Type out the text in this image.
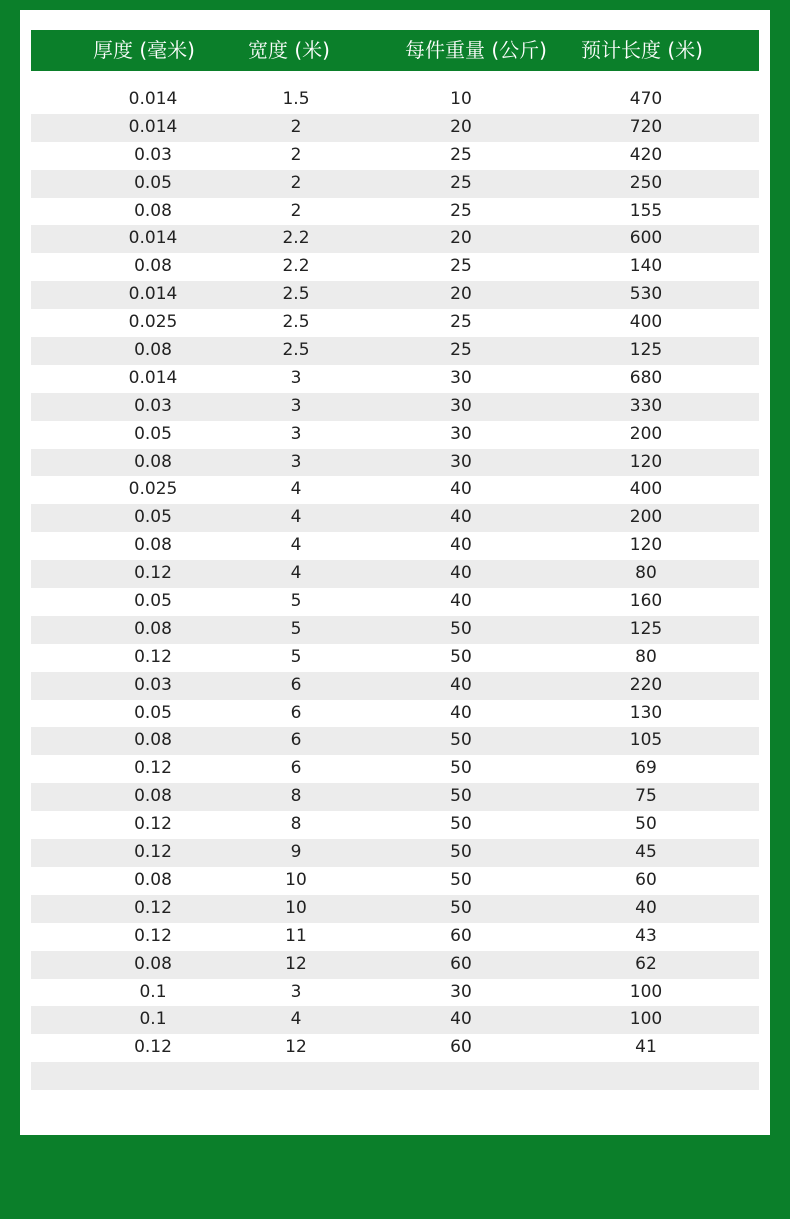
厚度 (毫米)	宽度 (米)	每件重量 (公斤) 预计长度 (米)
0.014	1.5	10	470
0.014	2	20	720
0.03	2	25	420
0.05	2	25	250
0.08	2	25	155
0.014	2.2	20	600
0.08	2.2	25	140
0.014	2.5	20	530
0.025	2.5	25	400
0.08	2.5	25	125
0.014	3	30	680
0.03	3	30	330
0.05	3	30	200
0.08	3	30	120
0.025	4	40	400
0.05	4	40	200
0.08	4	40	120
0.12	4	40	80
0.05	5	40	160
0.08	5	50	125
0.12	5	50	80
0.03	6	40	220
0.05	6	40	130
0.08	6	50	105
0.12	6	50	69
0.08	8	50	75
0.12	8	50	50
0.12	9	50	45
0.08	10	50	60
0.12	10	50	40
0.12	11	60	43
0.08	12	60	62
0.1	3	30	100
0.1	4	40	100
0.12	12	60	41
